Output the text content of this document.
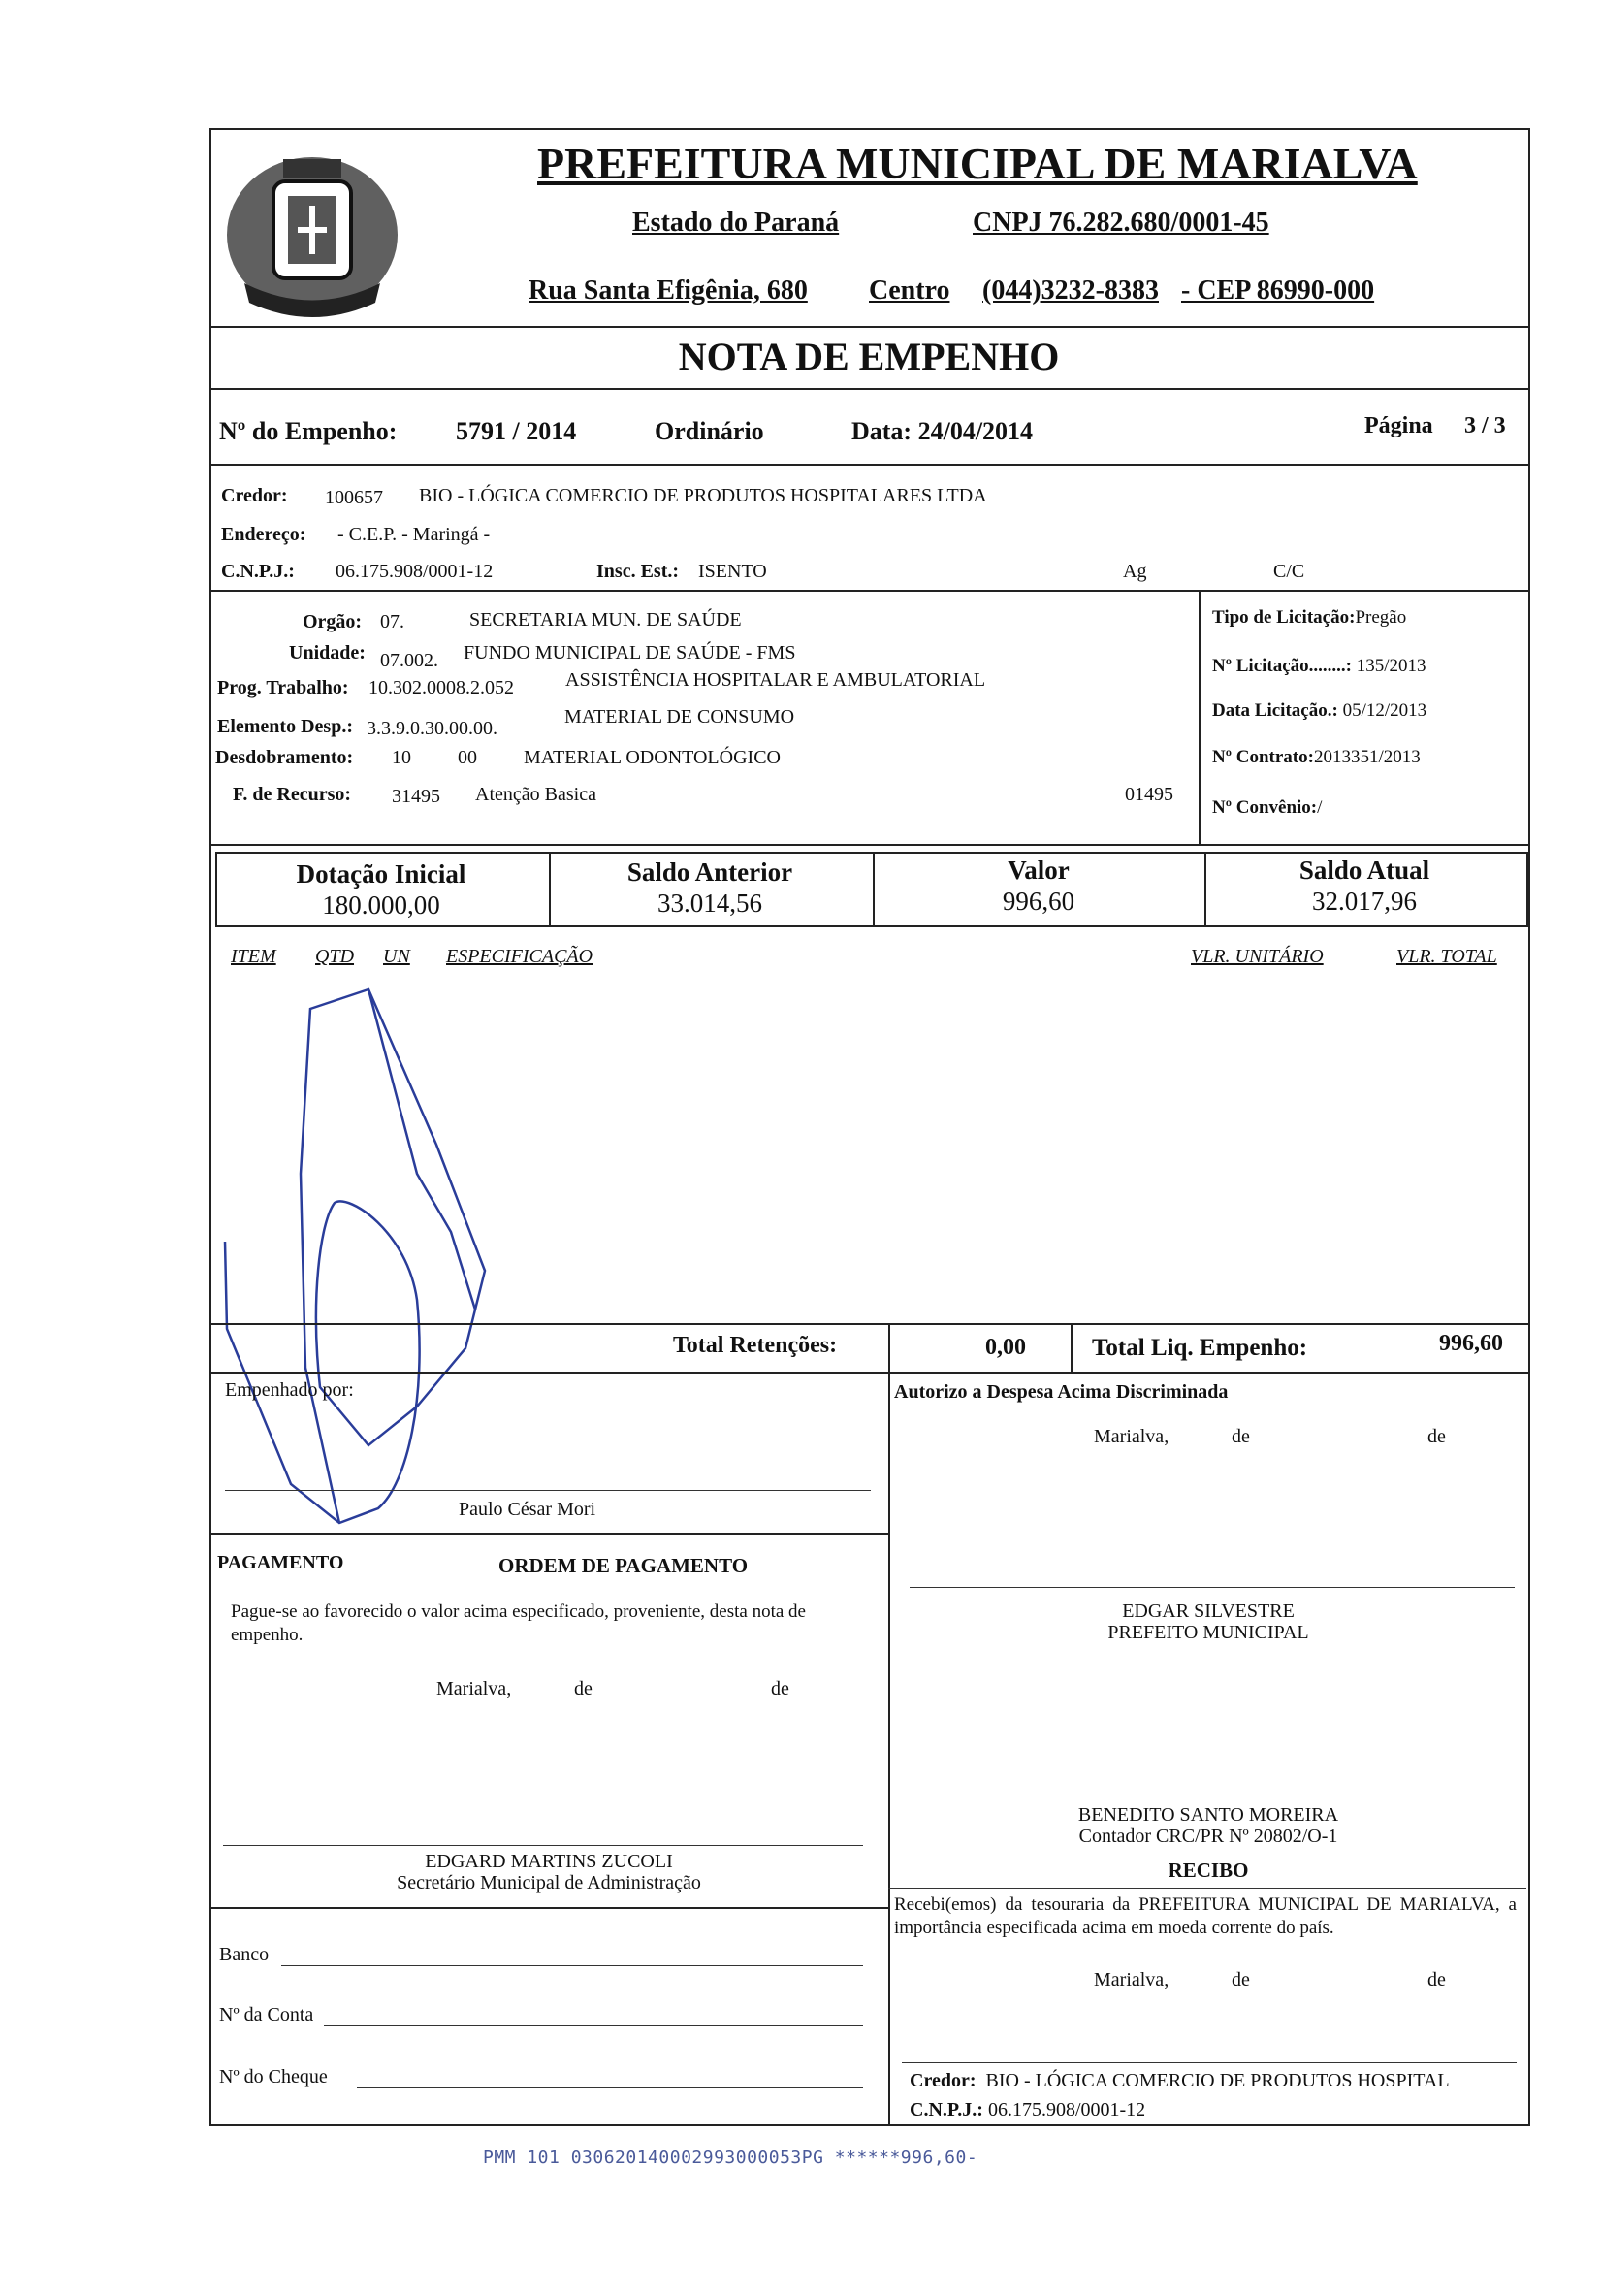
PREFEITURA MUNICIPAL DE MARIALVA
Estado do Paraná	CNPJ 76.282.680/0001-45
Rua Santa Efigênia, 680 Centro (044)3232-8383 - CEP 86990-000
NOTA DE EMPENHO
Nº do Empenho: 5791 / 2014	Ordinário	Data: 24/04/2014	Página 3 / 3
Credor: 100657 BIO - LÓGICA COMERCIO DE PRODUTOS HOSPITALARES LTDA
Endereço: - C.E.P. - Maringá -
C.N.P.J.: 06.175.908/0001-12	Insc. Est.: ISENTO	Ag	C/C
Orgão: 07.	SECRETARIA MUN. DE SAÚDE
Unidade: 07.002. FUNDO MUNICIPAL DE SAÚDE - FMS
Prog. Trabalho: 10.302.0008.2.052	ASSISTÊNCIA HOSPITALAR E AMBULATORIAL
Elemento Desp.: 3.3.9.0.30.00.00.
MATERIAL DE CONSUMO
Desdobramento: 10 00 MATERIAL ODONTOLÓGICO
F. de Recurso: 31495 Atenção Basica	01495
Tipo de Licitação:Pregão
Nº Licitação........: 135/2013
Data Licitação.: 05/12/2013
Nº Contrato:2013351/2013
Nº Convênio:/
Dotação Inicial
180.000,00
Saldo Anterior
33.014,56
Valor
996,60
Saldo Atual
32.017,96
ITEM QTD UN ESPECIFICAÇÃO	VLR. UNITÁRIO	VLR. TOTAL
Total Retenções:	0,00	Total Liq. Empenho:	996,60
Empenhado por:
Paulo César Mori
Autorizo a Despesa Acima Discriminada
Marialva,	de	de
PAGAMENTO	ORDEM DE PAGAMENTO
Pague-se ao favorecido o valor acima especificado, proveniente, desta nota de empenho.
Marialva,	de	de
EDGAR SILVESTRE
PREFEITO MUNICIPAL
BENEDITO SANTO MOREIRA
Contador CRC/PR Nº 20802/O-1
RECIBO
Recebi(emos) da tesouraria da PREFEITURA MUNICIPAL DE MARIALVA, a importância especificada acima em moeda corrente do país.
Marialva,	de	de
EDGARD MARTINS ZUCOLI
Secretário Municipal de Administração
Banco
Nº da Conta
Nº do Cheque	Credor: BIO - LÓGICA COMERCIO DE PRODUTOS HOSPITAL
C.N.P.J.: 06.175.908/0001-12
PMM 101 030620140002993000053PG ******996,60-
